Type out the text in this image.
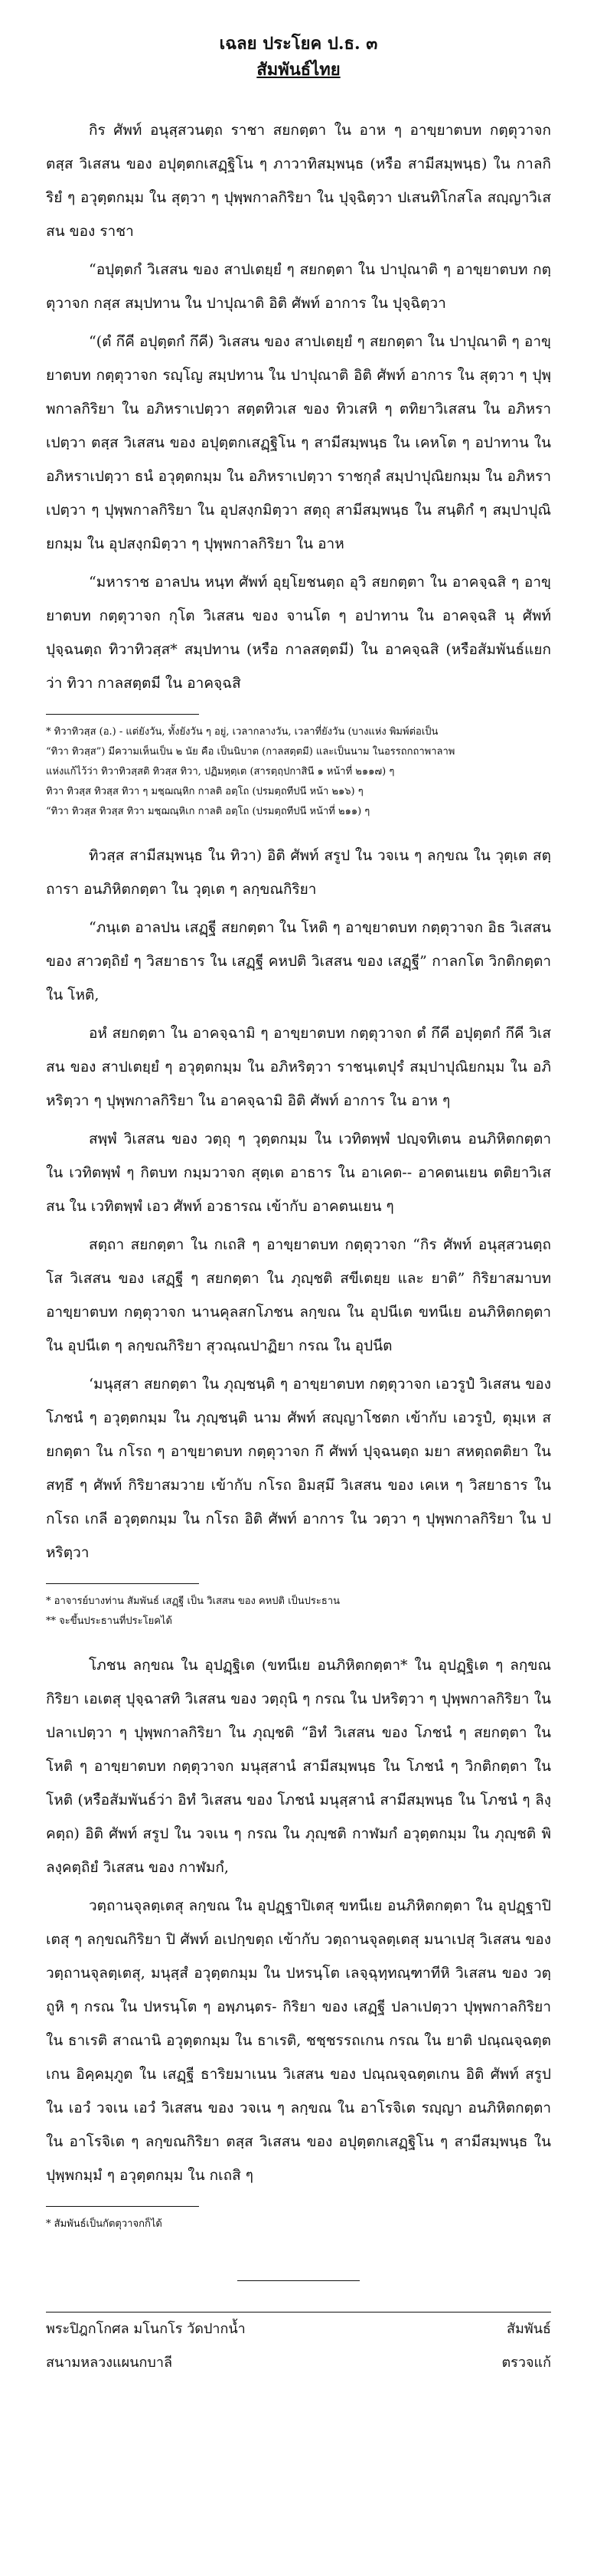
เฉลย ประโยค ป.ธ. ๓
สัมพันธ์ไทย

กิร ศัพท์ อนุสฺสวนตฺถ ราชา สยกตฺตา ใน อาห ๆ อาขฺยาตบท กตฺตุวาจก ตสฺส วิเสสน ของ อปุตฺตกเสฏฺฐิโน ๆ ภาวาทิสมฺพนฺธ (หรือ สามีสมฺพนฺธ) ใน กาลกิริยํ ๆ อวุตฺตกมฺม ใน สุตฺวา ๆ ปุพฺพกาลกิริยา ใน ปุจฺฉิตฺวา ปเสนทิโกสโล สญฺญาวิเสสน ของ ราชา

“อปุตฺตกํ วิเสสน ของ สาปเตยฺยํ ๆ สยกตฺตา ใน ปาปุณาติ ๆ อาขฺยาตบท กตฺตุวาจก กสฺส สมฺปทาน ใน ปาปุณาติ อิติ ศัพท์ อาการ ใน ปุจฺฉิตฺวา

“(ตํ กึคี อปุตฺตกํ กึคี) วิเสสน ของ สาปเตยฺยํ ๆ สยกตฺตา ใน ปาปุณาติ ๆ อาขฺยาตบท กตฺตุวาจก รญฺโญ สมฺปทาน ใน ปาปุณาติ อิติ ศัพท์ อาการ ใน สุตฺวา ๆ ปุพฺพกาลกิริยา ใน อภิหราเปตฺวา สตฺตทิวเส ของ ทิวเสหิ ๆ ตทิยาวิเสสน ใน อภิหราเปตฺวา ตสฺส วิเสสน ของ อปุตฺตกเสฏฺฐิโน ๆ สามีสมฺพนฺธ ใน เคหโต ๆ อปาทาน ใน อภิหราเปตฺวา ธนํ อวุตฺตกมฺม ใน อภิหราเปตฺวา ราชกุลํ สมฺปาปุณิยกมฺม ใน อภิหราเปตฺวา ๆ ปุพฺพกาลกิริยา ใน อุปสงฺกมิตฺวา สตฺถุ สามีสมฺพนฺธ ใน สนฺติกํ ๆ สมฺปาปุณิยกมฺม ใน อุปสงฺกมิตฺวา ๆ ปุพฺพกาลกิริยา ใน อาห

“มหาราช อาลปน หนฺท ศัพท์ อุยฺโยชนตฺถ อุวิ สยกตฺตา ใน อาคจฺฉสิ ๆ อาขฺยาตบท กตฺตุวาจก กุโต วิเสสน ของ จานโต ๆ อปาทาน ใน อาคจฺฉสิ นุ ศัพท์ ปุจฺฉนตฺถ ทิวาทิวสฺส* สมฺปทาน (หรือ กาลสตฺตมี) ใน อาคจฺฉสิ (หรือสัมพันธ์แยกว่า ทิวา กาลสตฺตมี ใน อาคจฺฉสิ

* ทิวาทิวสฺส (อ.) - แต่ยังวัน, ทั้งยังวัน ๆ อยู่, เวลากลางวัน, เวลาที่ยังวัน (บางแห่ง พิมพ์ต่อเป็น

“ทิวา ทิวสฺส”) มีความเห็นเป็น ๒ นัย คือ เป็นนิบาต (กาลสตฺตมี) และเป็นนาม ในอรรถกถาพาลาพ

แห่งแก้ไว้ว่า ทิวาทิวสฺสติ ทิวสฺส ทิวา, ปฏิมหฺตฺเต (สารตฺถฺปกาสินี ๑ หน้าที่ ๒๑๑๗) ๆ

ทิวา ทิวสฺส ทิวสฺส ทิวา ๆ มชฺฌณฺหิก กาลติ อตฺโถ (ปรมตฺถทีปนี หน้า ๒๑๖) ๆ

“ทิวา ทิวสฺส ทิวสฺส ทิวา มชฺฌณฺหิเก กาลติ อตฺโถ (ปรมตฺถทีปนี หน้าที่ ๒๑๑) ๆ

ทิวสฺส สามีสมฺพนฺธ ใน ทิวา) อิติ ศัพท์ สรูป ใน วจเน ๆ ลกฺขณ ใน วุตฺเต สตฺถารา อนภิหิตกตฺตา ใน วุตฺเต ๆ ลกฺขณกิริยา

“ภนฺเต อาลปน เสฏฺฐี สยกตฺตา ใน โหติ ๆ อาขฺยาตบท กตฺตุวาจก อิธ วิเสสน ของ สาวตฺถิยํ ๆ วิสยาธาร ใน เสฏฺฐี คหปติ วิเสสน ของ เสฏฺฐี” กาลกโต วิกติกตฺตา ใน โหติ,

อหํ สยกตฺตา ใน อาคจฺฉามิ ๆ อาขฺยาตบท กตฺตุวาจก ตํ กึคี อปุตฺตกํ กึคี วิเสสน ของ สาปเตยฺยํ ๆ อวุตฺตกมฺม ใน อภิหริตฺวา ราชนฺเตปุรํ สมฺปาปุณิยกมฺม ใน อภิหริตฺวา ๆ ปุพฺพกาลกิริยา ใน อาคจฺฉามิ อิติ ศัพท์ อาการ ใน อาห ๆ

สพฺพํ วิเสสน ของ วตฺถุ ๆ วุตฺตกมฺม ใน เวทิตพฺพํ ปญฺจทิเตน อนภิหิตกตฺตา ใน เวทิตพฺพํ ๆ กิตบท กมฺมวาจก สุตฺเต อาธาร ใน อาเคต-- อาคตนเยน ตติยาวิเสสน ใน เวทิตพฺพํ เอว ศัพท์ อวธารณ เข้ากับ อาคตนเยน ๆ

สตฺถา สยกตฺตา ใน กเถสิ ๆ อาขฺยาตบท กตฺตุวาจก “กิร ศัพท์ อนุสฺสวนตฺถ โส วิเสสน ของ เสฏฺฐี ๆ สยกตฺตา ใน ภุญฺชติ สขีเตยฺย และ ยาติ” กิริยาสมาบท อาขฺยาตบท กตฺตุวาจก นานคุลสกโภชน ลกฺขณ ใน อุปนีเต ขทนีเย อนภิหิตกตฺตา ใน อุปนีเต ๆ ลกฺขณกิริยา สุวณฺณปาฏิยา กรณ ใน อุปนีต

‘มนุสฺสา สยกตฺตา ใน ภุญฺชนฺติ ๆ อาขฺยาตบท กตฺตุวาจก เอวรูปํ วิเสสน ของ โภชนํ ๆ อวุตฺตกมฺม ใน ภุญฺชนฺติ นาม ศัพท์ สญฺญาโชตก เข้ากับ เอวรูปํ, ตุมฺเห สยกตฺตา ใน กโรถ ๆ อาขฺยาตบท กตฺตุวาจก กึ ศัพท์ ปุจฺฉนตฺถ มยา สหตฺถตติยา ใน สทฺธึ ๆ ศัพท์ กิริยาสมวาย เข้ากับ กโรถ อิมสฺมึ วิเสสน ของ เคเห ๆ วิสยาธาร ใน กโรถ เกลี อวุตฺตกมฺม ใน กโรถ อิติ ศัพท์ อาการ ใน วตฺวา ๆ ปุพฺพกาลกิริยา ใน ปหริตฺวา

* อาจารย์บางท่าน สัมพันธ์ เสฏฺฐี เป็น วิเสสน ของ คหปติ เป็นประธาน

** จะขึ้นประธานที่ประโยคได้

โภชน ลกฺขณ ใน อุปฏฺฐิเต (ขทนีเย อนภิหิตกตฺตา* ใน อุปฏฺฐิเต ๆ ลกฺขณกิริยา เอเตสุ ปุจฺฉาสทิ วิเสสน ของ วตฺถุนิ ๆ กรณ ใน ปหริตฺวา ๆ ปุพฺพกาลกิริยา ใน ปลาเปตฺวา ๆ ปุพฺพกาลกิริยา ใน ภุญฺชติ “อิทํ วิเสสน ของ โภชนํ ๆ สยกตฺตา ใน โหติ ๆ อาขฺยาตบท กตฺตุวาจก มนุสฺสานํ สามีสมฺพนฺธ ใน โภชนํ ๆ วิกติกตฺตา ใน โหติ (หรือสัมพันธ์ว่า อิทํ วิเสสน ของ โภชนํ มนุสฺสานํ สามีสมฺพนฺธ ใน โภชนํ ๆ ลิงฺคตฺถ) อิติ ศัพท์ สรูป ใน วจเน ๆ กรณ ใน ภุญฺชติ กาฬมกํ อวุตฺตกมฺม ใน ภุญฺชติ พิลงฺคตฺถิยํ วิเสสน ของ กาฬมกํ,

วตฺถานจุลตฺเตสุ ลกฺขณ ใน อุปฏฺฐาปิเตสุ ขทนีเย อนภิหิตกตฺตา ใน อุปฏฺฐาปิเตสุ ๆ ลกฺขณกิริยา ปิ ศัพท์ อเปกฺขตฺถ เข้ากับ วตฺถานจุลตฺเตสุ มนาเปสุ วิเสสน ของ วตฺถานจุลตฺเตสุ, มนุสฺสํ อวุตฺตกมฺม ใน ปหรนฺโต เลจฺฉุทฺทณฺฑาทีหิ วิเสสน ของ วตฺถูหิ ๆ กรณ ใน ปหรนฺโต ๆ อพฺภนฺตร- กิริยา ของ เสฏฺฐี ปลาเปตฺวา ปุพฺพกาลกิริยา ใน ธาเรติ สาณานิ อวุตฺตกมฺม ใน ธาเรติ, ชชฺชรรถเกน กรณ ใน ยาติ ปณฺณจฺฉตฺตเกน อิคฺคมฺภูต ใน เสฏฺฐี ธาริยมาเนน วิเสสน ของ ปณฺณจฺฉตฺตเกน อิติ ศัพท์ สรูป ใน เอวํ วจเน เอวํ วิเสสน ของ วจเน ๆ ลกฺขณ ใน อาโรจิเต รญฺญา อนภิหิตกตฺตา ใน อาโรจิเต ๆ ลกฺขณกิริยา ตสฺส วิเสสน ของ อปุตฺตกเสฏฺฐิโน ๆ สามีสมฺพนฺธ ใน ปุพฺพกมฺมํ ๆ อวุตฺตกมฺม ใน กเถสิ ๆ

* สัมพันธ์เป็นกัตตุวาจกก็ได้

พระปิฎกโกศล มโนกโร วัดปากน้ำ
สนามหลวงแผนกบาลี
สัมพันธ์
ตรวจแก้
